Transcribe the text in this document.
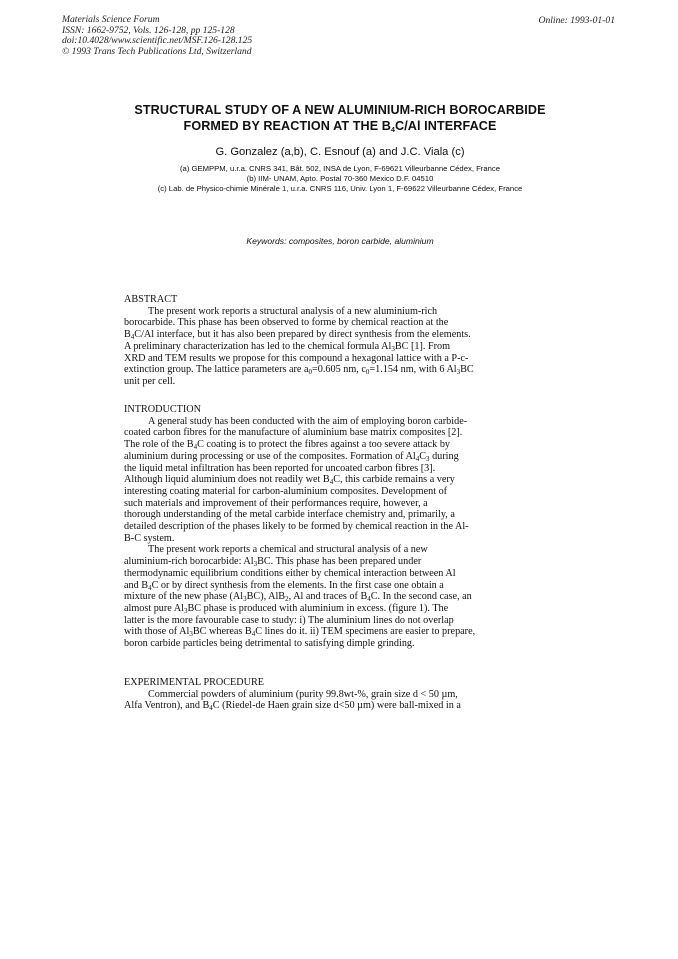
Materials Science Forum
ISSN: 1662-9752, Vols. 126-128, pp 125-128
doi:10.4028/www.scientific.net/MSF.126-128.125
© 1993 Trans Tech Publications Ltd, Switzerland
Online: 1993-01-01
STRUCTURAL STUDY OF A NEW ALUMINIUM-RICH BOROCARBIDE
FORMED BY REACTION AT THE $B_4C/Al$ INTERFACE
G. Gonzalez (a,b), C. Esnouf (a) and J.C. Viala (c)
(a) GEMPPM, u.r.a. CNRS 341, Bât. 502, INSA de Lyon, F-69621 Villeurbanne Cédex, France
(b) IIM- UNAM, Apto. Postal 70-360 Mexico D.F. 04510
(c) Lab. de Physico-chimie Minérale 1, u.r.a. CNRS 116, Univ. Lyon 1, F-69622 Villeurbanne Cédex, France
Keywords: composites, boron carbide, aluminium

ABSTRACT

The present work reports a structural analysis of a new aluminium-rich

borocarbide. This phase has been observed to forme by chemical reaction at the

$B_4C/Al$ interface, but it has also been prepared by direct synthesis from the elements.

A preliminary characterization has led to the chemical formula $Al_3BC$ [1]. From

XRD and TEM results we propose for this compound a hexagonal lattice with a P-c-

extinction group. The lattice parameters are $a_0=0.605$ nm, $c_0=1.154$ nm, with 6 $Al_3BC$

unit per cell.

INTRODUCTION

A general study has been conducted with the aim of employing boron carbide-

coated carbon fibres for the manufacture of aluminium base matrix composites [2].

The role of the $B_4C$ coating is to protect the fibres against a too severe attack by

aluminium during processing or use of the composites. Formation of $Al_4C_3$ during

the liquid metal infiltration has been reported for uncoated carbon fibres [3].

Although liquid aluminium does not readily wet $B_4C$, this carbide remains a very

interesting coating material for carbon-aluminium composites. Development of

such materials and improvement of their performances require, however, a

thorough understanding of the metal carbide interface chemistry and, primarily, a

detailed description of the phases likely to be formed by chemical reaction in the Al-

B-C system.

The present work reports a chemical and structural analysis of a new

aluminium-rich borocarbide: $Al_3BC$. This phase has been prepared under

thermodynamic equilibrium conditions either by chemical interaction between Al

and $B_4C$ or by direct synthesis from the elements. In the first case one obtain a

mixture of the new phase $(Al_3BC)$, AlB$_2$, Al and traces of $B_4C$. In the second case, an

almost pure $Al_3BC$ phase is produced with aluminium in excess. (figure 1). The

latter is the more favourable case to study: i) The aluminium lines do not overlap

with those of $Al_3BC$ whereas $B_4C$ lines do it. ii) TEM specimens are easier to prepare,

boron carbide particles being detrimental to satisfying dimple grinding.

EXPERIMENTAL PROCEDURE

Commercial powders of aluminium (purity 99.8wt-%, grain size d < 50 µm,

Alfa Ventron), and $B_4C$ (Riedel-de Haen grain size d<50 µm) were ball-mixed in a
